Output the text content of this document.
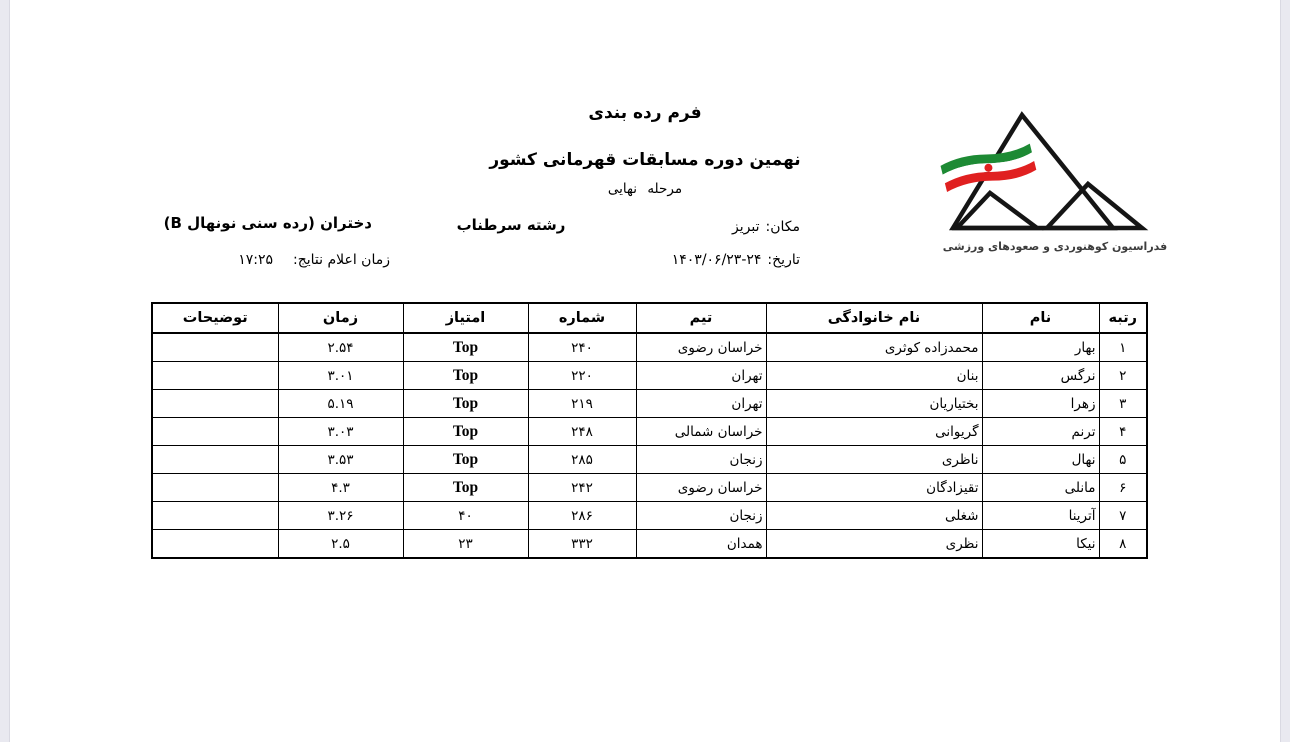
فرم رده بندی
نهمین دوره مسابقات قهرمانی کشور
مرحله نهایی
دختران (رده سنی نونهال B)	رشته سرطناب	مکان:تبریز
تاریخ:۱۴۰۳/۰۶/۲۳-۲۴
زمان اعلام نتایج:۱۷:۲۵
فدراسیون کوهنوردی و صعودهای ورزشی
رتبه	نام	نام خانوادگی	تیم	شماره	امتیاز	زمان	توضیحات
۱	بهار	محمدزاده کوثری	خراسان رضوی	۲۴۰	Top	۲.۵۴	
۲	نرگس	بنان	تهران	۲۲۰	Top	۳.۰۱	
۳	زهرا	بختیاریان	تهران	۲۱۹	Top	۵.۱۹	
۴	ترنم	گریوانی	خراسان شمالی	۲۴۸	Top	۳.۰۳	
۵	نهال	ناظری	زنجان	۲۸۵	Top	۳.۵۳	
۶	مانلی	تقیزادگان	خراسان رضوی	۲۴۲	Top	۴.۳	
۷	آترینا	شغلی	زنجان	۲۸۶	۴۰	۳.۲۶	
۸	نیکا	نظری	همدان	۳۳۲	۲۳	۲.۵	
